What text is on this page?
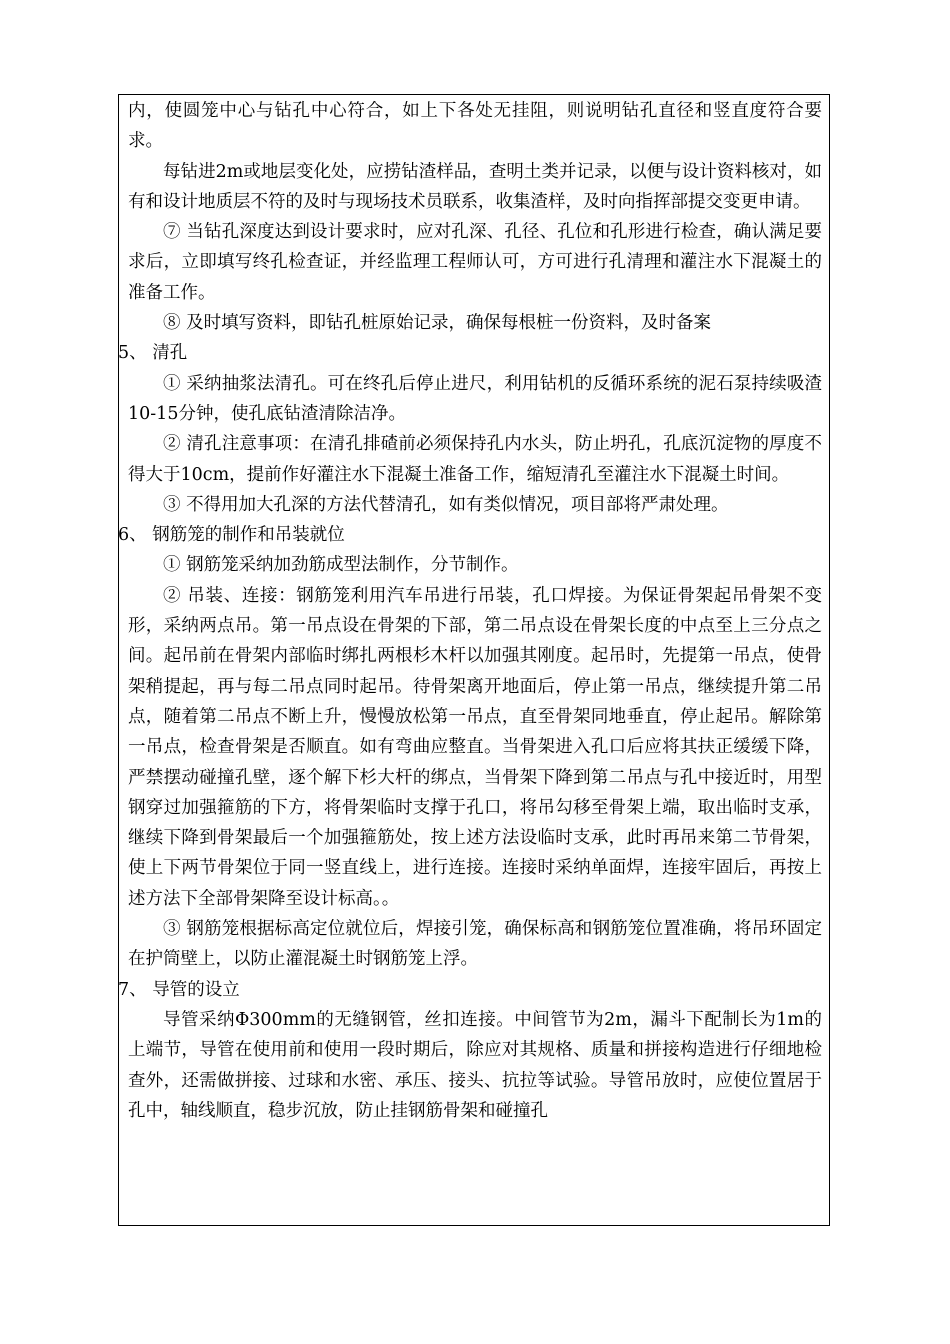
内，使圆笼中心与钻孔中心符合，如上下各处无挂阻，则说明钻孔直径和竖直度符合要求。

每钻进2m或地层变化处，应捞钻渣样品，查明土类并记录，以便与设计资料核对，如有和设计地质层不符的及时与现场技术员联系，收集渣样，及时向指挥部提交变更申请。

⑦ 当钻孔深度达到设计要求时，应对孔深、孔径、孔位和孔形进行检查，确认满足要求后，立即填写终孔检查证，并经监理工程师认可，方可进行孔清理和灌注水下混凝土的准备工作。

⑧ 及时填写资料，即钻孔桩原始记录，确保每根桩一份资料，及时备案

5、 清孔

① 采纳抽浆法清孔。可在终孔后停止进尺，利用钻机的反循环系统的泥石泵持续吸渣10-15分钟，使孔底钻渣清除洁净。

② 清孔注意事项：在清孔排碴前必须保持孔内水头，防止坍孔，孔底沉淀物的厚度不得大于10cm，提前作好灌注水下混凝土准备工作，缩短清孔至灌注水下混凝土时间。

③ 不得用加大孔深的方法代替清孔，如有类似情况，项目部将严肃处理。

6、 钢筋笼的制作和吊装就位

① 钢筋笼采纳加劲筋成型法制作，分节制作。

② 吊装、连接：钢筋笼利用汽车吊进行吊装，孔口焊接。为保证骨架起吊骨架不变形，采纳两点吊。第一吊点设在骨架的下部，第二吊点设在骨架长度的中点至上三分点之间。起吊前在骨架内部临时绑扎两根杉木杆以加强其刚度。起吊时，先提第一吊点，使骨架稍提起，再与每二吊点同时起吊。待骨架离开地面后，停止第一吊点，继续提升第二吊点，随着第二吊点不断上升，慢慢放松第一吊点，直至骨架同地垂直，停止起吊。解除第一吊点，检查骨架是否顺直。如有弯曲应整直。当骨架进入孔口后应将其扶正缓缓下降，严禁摆动碰撞孔壁，逐个解下杉大杆的绑点，当骨架下降到第二吊点与孔中接近时，用型钢穿过加强箍筋的下方，将骨架临时支撑于孔口，将吊勾移至骨架上端，取出临时支承，继续下降到骨架最后一个加强箍筋处，按上述方法设临时支承，此时再吊来第二节骨架，使上下两节骨架位于同一竖直线上，进行连接。连接时采纳单面焊，连接牢固后，再按上述方法下全部骨架降至设计标高。。

③ 钢筋笼根据标高定位就位后，焊接引笼，确保标高和钢筋笼位置准确，将吊环固定在护筒壁上，以防止灌混凝土时钢筋笼上浮。

7、 导管的设立

导管采纳Φ300mm的无缝钢管，丝扣连接。中间管节为2m，漏斗下配制长为1m的上端节，导管在使用前和使用一段时期后，除应对其规格、质量和拼接构造进行仔细地检查外，还需做拼接、过球和水密、承压、接头、抗拉等试验。导管吊放时，应使位置居于孔中，轴线顺直，稳步沉放，防止挂钢筋骨架和碰撞孔
